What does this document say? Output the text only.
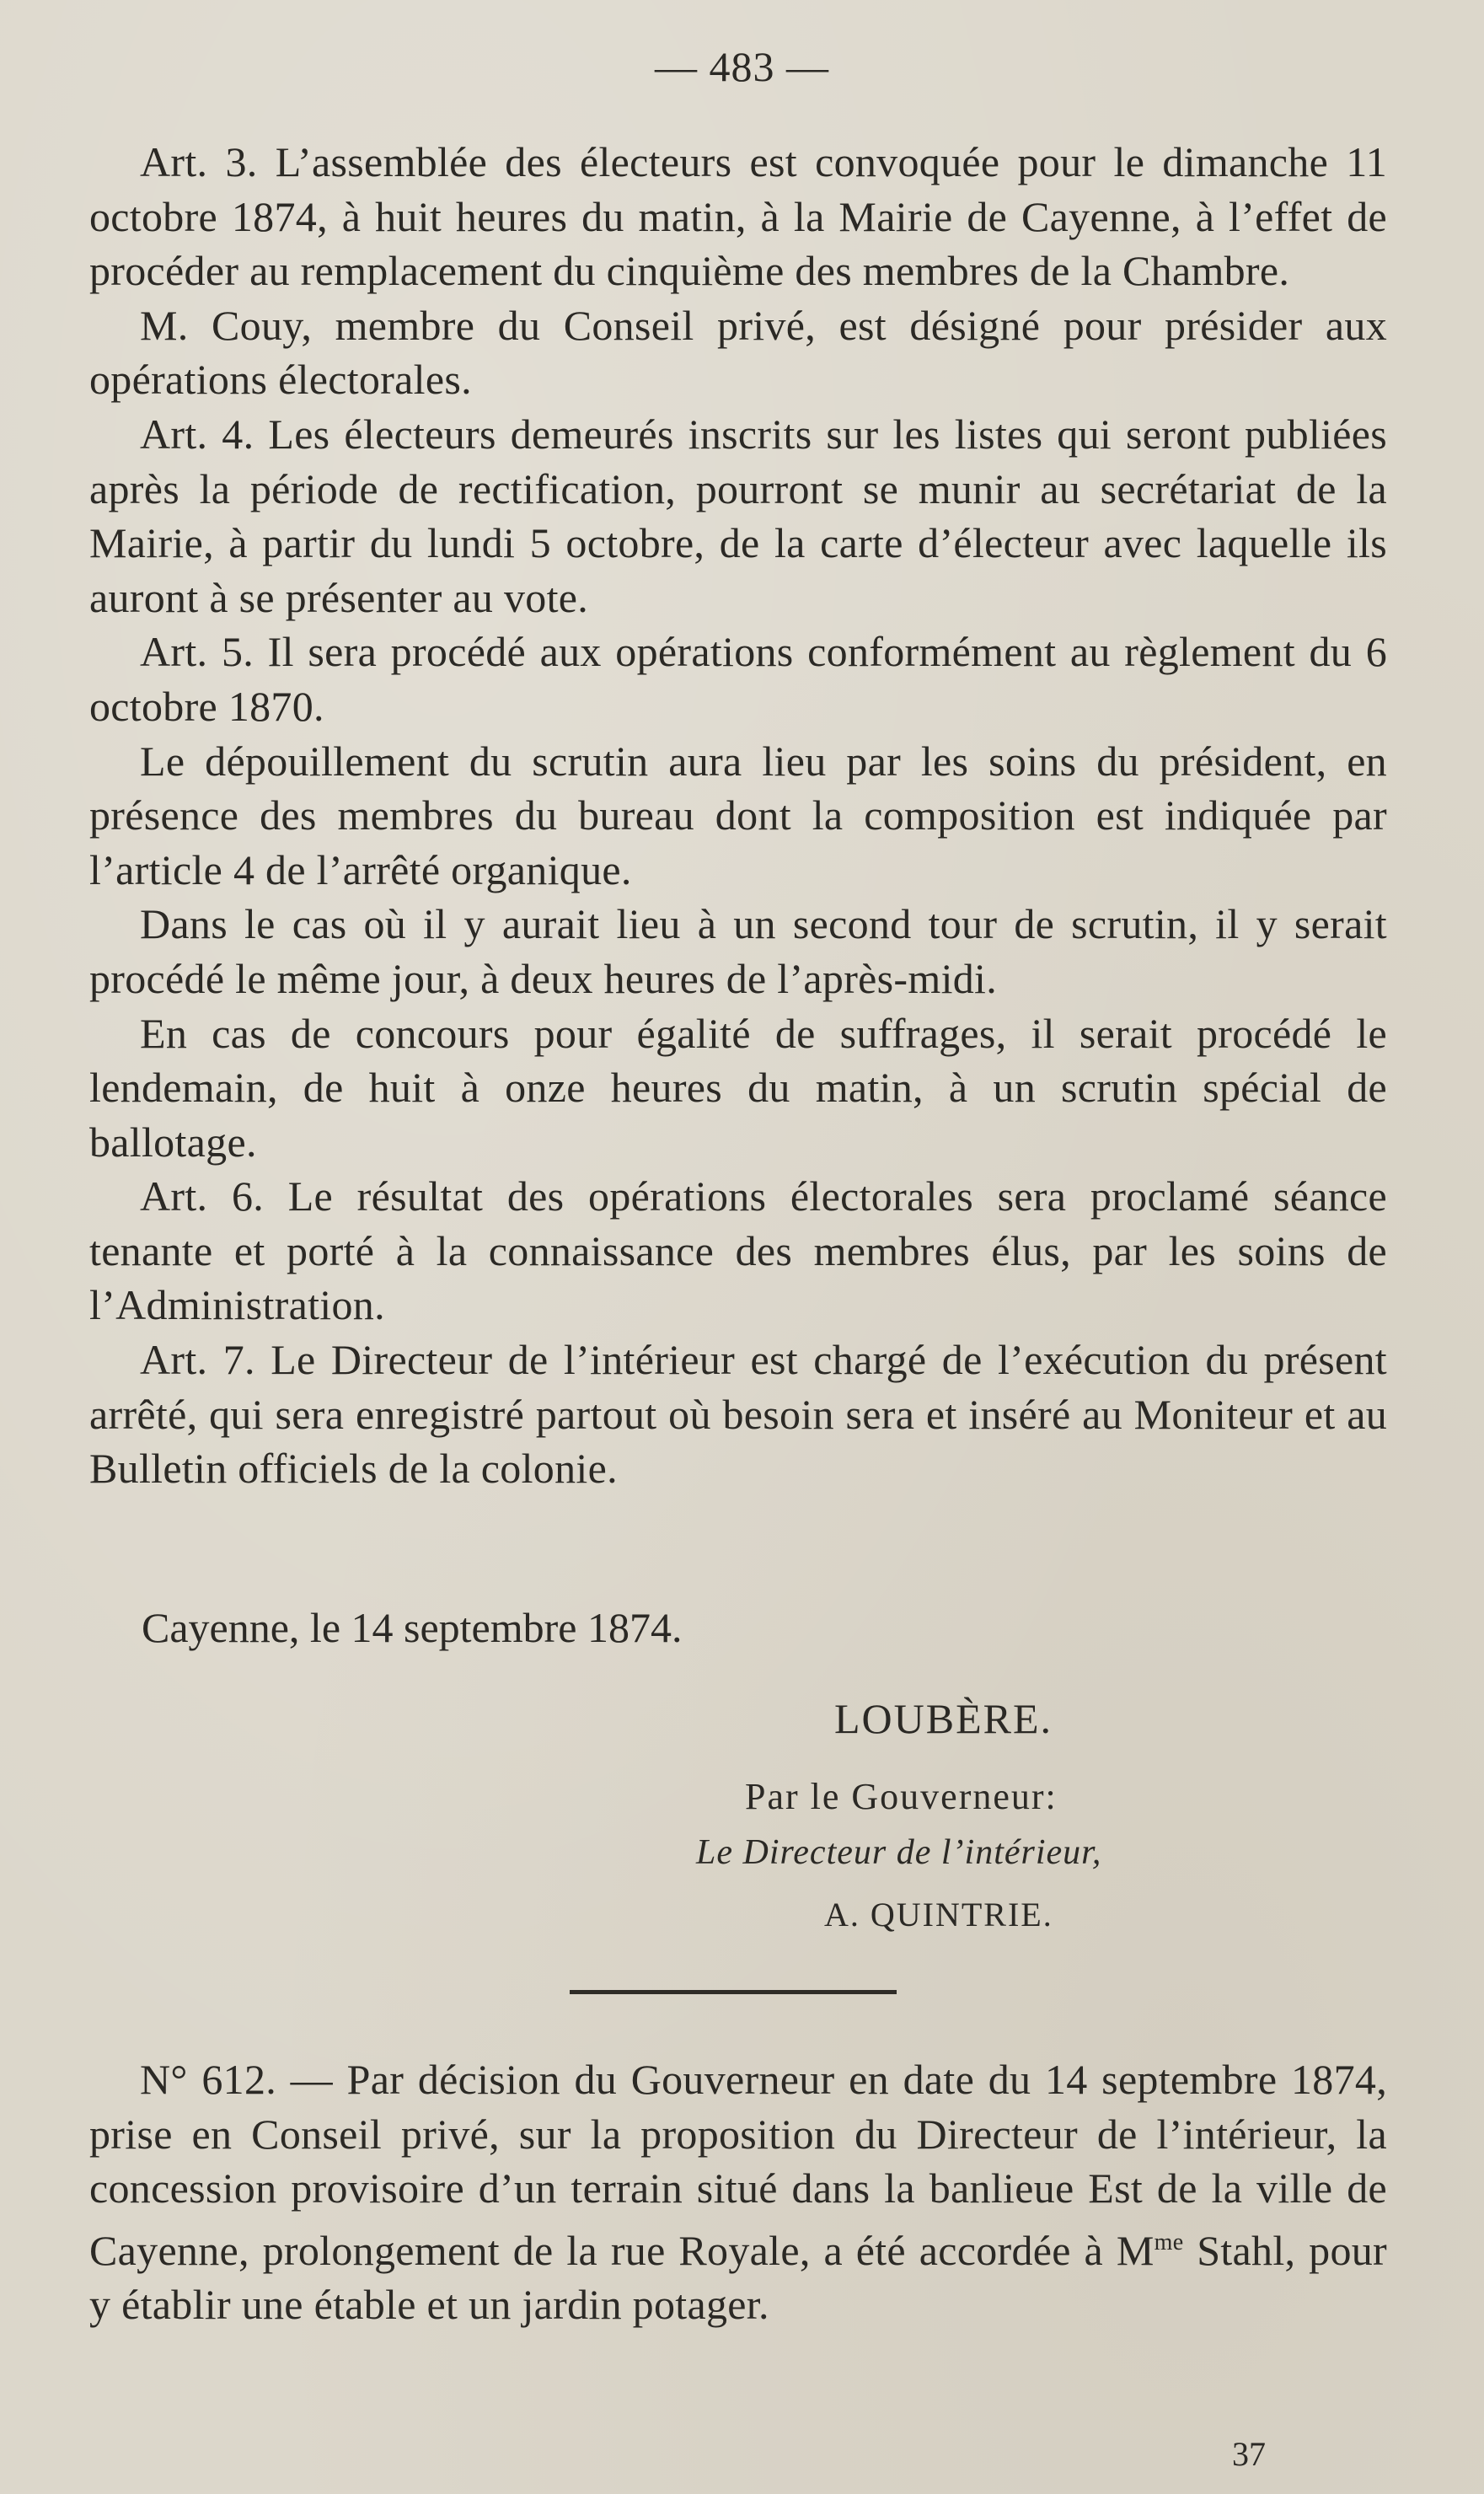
— 483 —

Art. 3. L’assemblée des électeurs est convoquée pour le dimanche 11 octobre 1874, à huit heures du matin, à la Mairie de Cayenne, à l’effet de procéder au remplacement du cinquième des membres de la Chambre.

M. Couy, membre du Conseil privé, est désigné pour présider aux opérations électorales.

Art. 4. Les électeurs demeurés inscrits sur les listes qui seront publiées après la période de rectification, pourront se munir au secrétariat de la Mairie, à partir du lundi 5 octobre, de la carte d’électeur avec laquelle ils auront à se présenter au vote.

Art. 5. Il sera procédé aux opérations conformément au règlement du 6 octobre 1870.

Le dépouillement du scrutin aura lieu par les soins du président, en présence des membres du bureau dont la composition est indiquée par l’article 4 de l’arrêté organique.

Dans le cas où il y aurait lieu à un second tour de scrutin, il y serait procédé le même jour, à deux heures de l’après-midi.

En cas de concours pour égalité de suffrages, il serait procédé le lendemain, de huit à onze heures du matin, à un scrutin spécial de ballotage.

Art. 6. Le résultat des opérations électorales sera proclamé séance tenante et porté à la connaissance des membres élus, par les soins de l’Administration.

Art. 7. Le Directeur de l’intérieur est chargé de l’exécution du présent arrêté, qui sera enregistré partout où besoin sera et inséré au Moniteur et au Bulletin officiels de la colonie.

Cayenne, le 14 septembre 1874.
LOUBÈRE.
Par le Gouverneur:
Le Directeur de l’intérieur,
A. QUINTRIE.

N° 612. — Par décision du Gouverneur en date du 14 septembre 1874, prise en Conseil privé, sur la proposition du Directeur de l’intérieur, la concession provisoire d’un terrain situé dans la banlieue Est de la ville de Cayenne, prolongement de la rue Royale, a été accordée à $M^{me}$ Stahl, pour y établir une étable et un jardin potager.

37
